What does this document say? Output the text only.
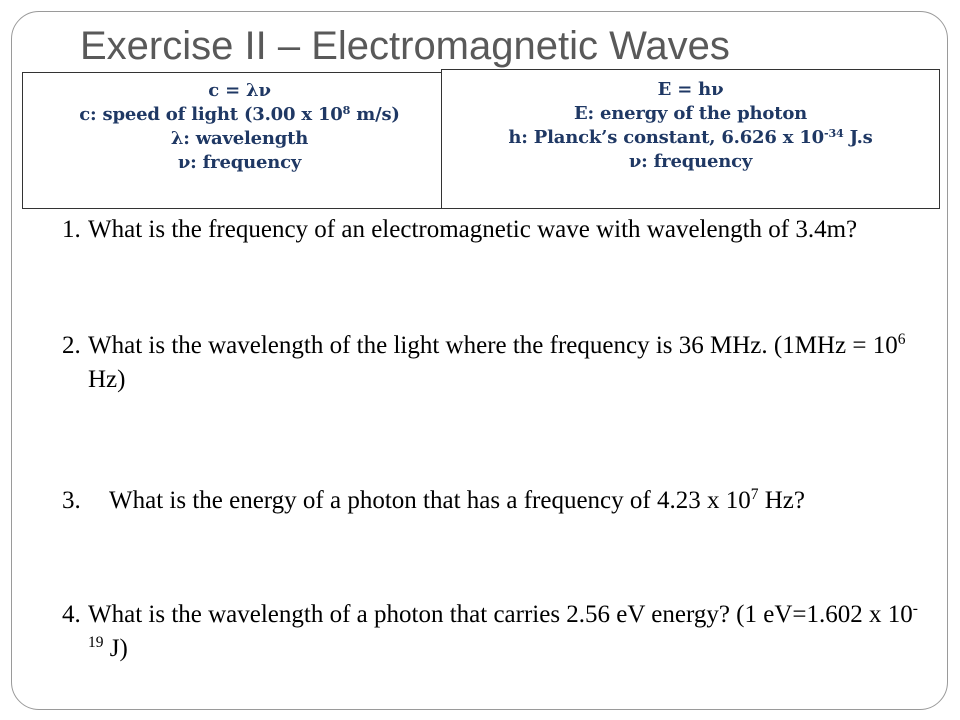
Exercise II – Electromagnetic Waves
c = λν
c: speed of light (3.00 x $10^8$ m/s)
λ: wavelength
ν: frequency
E = hν
E: energy of the photon
h: Planck’s constant, 6.626 x $10^{-34}$ J.s
ν: frequency
1. What is the frequency of an electromagnetic wave with wavelength of 3.4m?
2. What is the wavelength of the light where the frequency is 36 MHz. ($1MHz = 10^6$ Hz)
3. What is the energy of a photon that has a frequency of 4.23 x $10^7$ Hz?
4. What is the wavelength of a photon that carries 2.56 eV energy? (1 eV=1.602 x $10^{-19}$ J)
